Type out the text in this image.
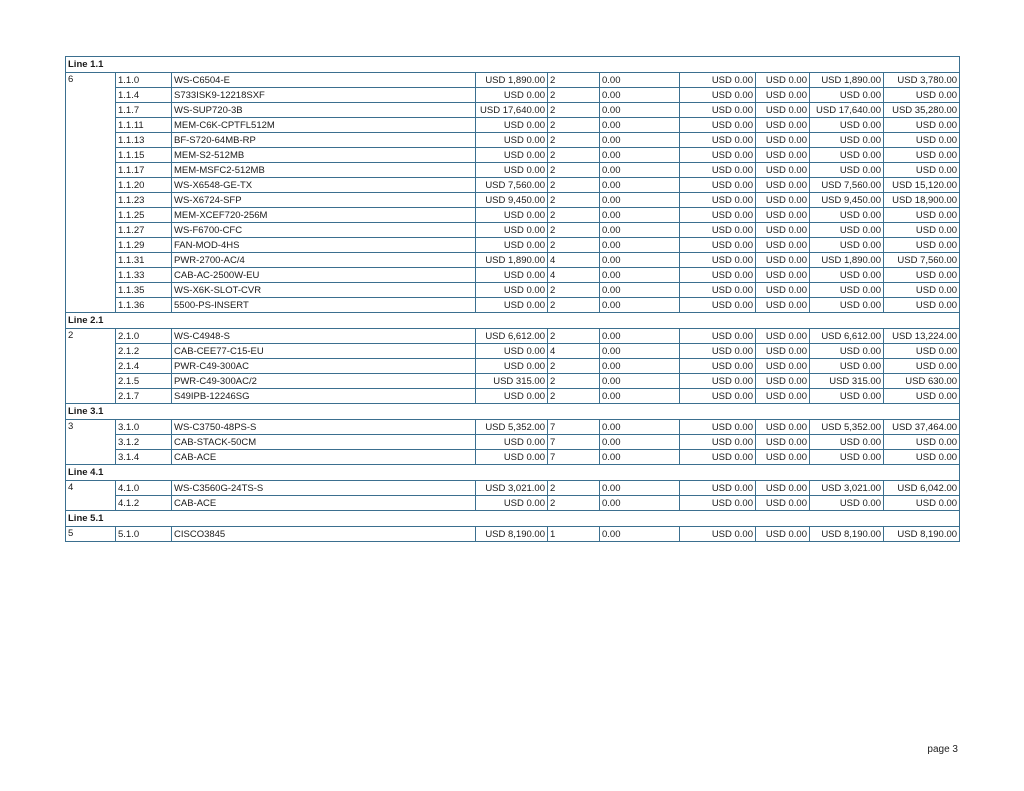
Line 1.1									
6	1.1.0	WS-C6504-E	USD 1,890.00	2	0.00	USD 0.00	USD 0.00	USD 1,890.00	USD 3,780.00
	1.1.4	S733ISK9-12218SXF	USD 0.00	2	0.00	USD 0.00	USD 0.00	USD 0.00	USD 0.00
	1.1.7	WS-SUP720-3B	USD 17,640.00	2	0.00	USD 0.00	USD 0.00	USD 17,640.00	USD 35,280.00
	1.1.11	MEM-C6K-CPTFL512M	USD 0.00	2	0.00	USD 0.00	USD 0.00	USD 0.00	USD 0.00
	1.1.13	BF-S720-64MB-RP	USD 0.00	2	0.00	USD 0.00	USD 0.00	USD 0.00	USD 0.00
	1.1.15	MEM-S2-512MB	USD 0.00	2	0.00	USD 0.00	USD 0.00	USD 0.00	USD 0.00
	1.1.17	MEM-MSFC2-512MB	USD 0.00	2	0.00	USD 0.00	USD 0.00	USD 0.00	USD 0.00
	1.1.20	WS-X6548-GE-TX	USD 7,560.00	2	0.00	USD 0.00	USD 0.00	USD 7,560.00	USD 15,120.00
	1.1.23	WS-X6724-SFP	USD 9,450.00	2	0.00	USD 0.00	USD 0.00	USD 9,450.00	USD 18,900.00
	1.1.25	MEM-XCEF720-256M	USD 0.00	2	0.00	USD 0.00	USD 0.00	USD 0.00	USD 0.00
	1.1.27	WS-F6700-CFC	USD 0.00	2	0.00	USD 0.00	USD 0.00	USD 0.00	USD 0.00
	1.1.29	FAN-MOD-4HS	USD 0.00	2	0.00	USD 0.00	USD 0.00	USD 0.00	USD 0.00
	1.1.31	PWR-2700-AC/4	USD 1,890.00	4	0.00	USD 0.00	USD 0.00	USD 1,890.00	USD 7,560.00
	1.1.33	CAB-AC-2500W-EU	USD 0.00	4	0.00	USD 0.00	USD 0.00	USD 0.00	USD 0.00
	1.1.35	WS-X6K-SLOT-CVR	USD 0.00	2	0.00	USD 0.00	USD 0.00	USD 0.00	USD 0.00
	1.1.36	5500-PS-INSERT	USD 0.00	2	0.00	USD 0.00	USD 0.00	USD 0.00	USD 0.00
Line 2.1									
2	2.1.0	WS-C4948-S	USD 6,612.00	2	0.00	USD 0.00	USD 0.00	USD 6,612.00	USD 13,224.00
	2.1.2	CAB-CEE77-C15-EU	USD 0.00	4	0.00	USD 0.00	USD 0.00	USD 0.00	USD 0.00
	2.1.4	PWR-C49-300AC	USD 0.00	2	0.00	USD 0.00	USD 0.00	USD 0.00	USD 0.00
	2.1.5	PWR-C49-300AC/2	USD 315.00	2	0.00	USD 0.00	USD 0.00	USD 315.00	USD 630.00
	2.1.7	S49IPB-12246SG	USD 0.00	2	0.00	USD 0.00	USD 0.00	USD 0.00	USD 0.00
Line 3.1									
3	3.1.0	WS-C3750-48PS-S	USD 5,352.00	7	0.00	USD 0.00	USD 0.00	USD 5,352.00	USD 37,464.00
	3.1.2	CAB-STACK-50CM	USD 0.00	7	0.00	USD 0.00	USD 0.00	USD 0.00	USD 0.00
	3.1.4	CAB-ACE	USD 0.00	7	0.00	USD 0.00	USD 0.00	USD 0.00	USD 0.00
Line 4.1									
4	4.1.0	WS-C3560G-24TS-S	USD 3,021.00	2	0.00	USD 0.00	USD 0.00	USD 3,021.00	USD 6,042.00
	4.1.2	CAB-ACE	USD 0.00	2	0.00	USD 0.00	USD 0.00	USD 0.00	USD 0.00
Line 5.1									
5	5.1.0	CISCO3845	USD 8,190.00	1	0.00	USD 0.00	USD 0.00	USD 8,190.00	USD 8,190.00
page 3
